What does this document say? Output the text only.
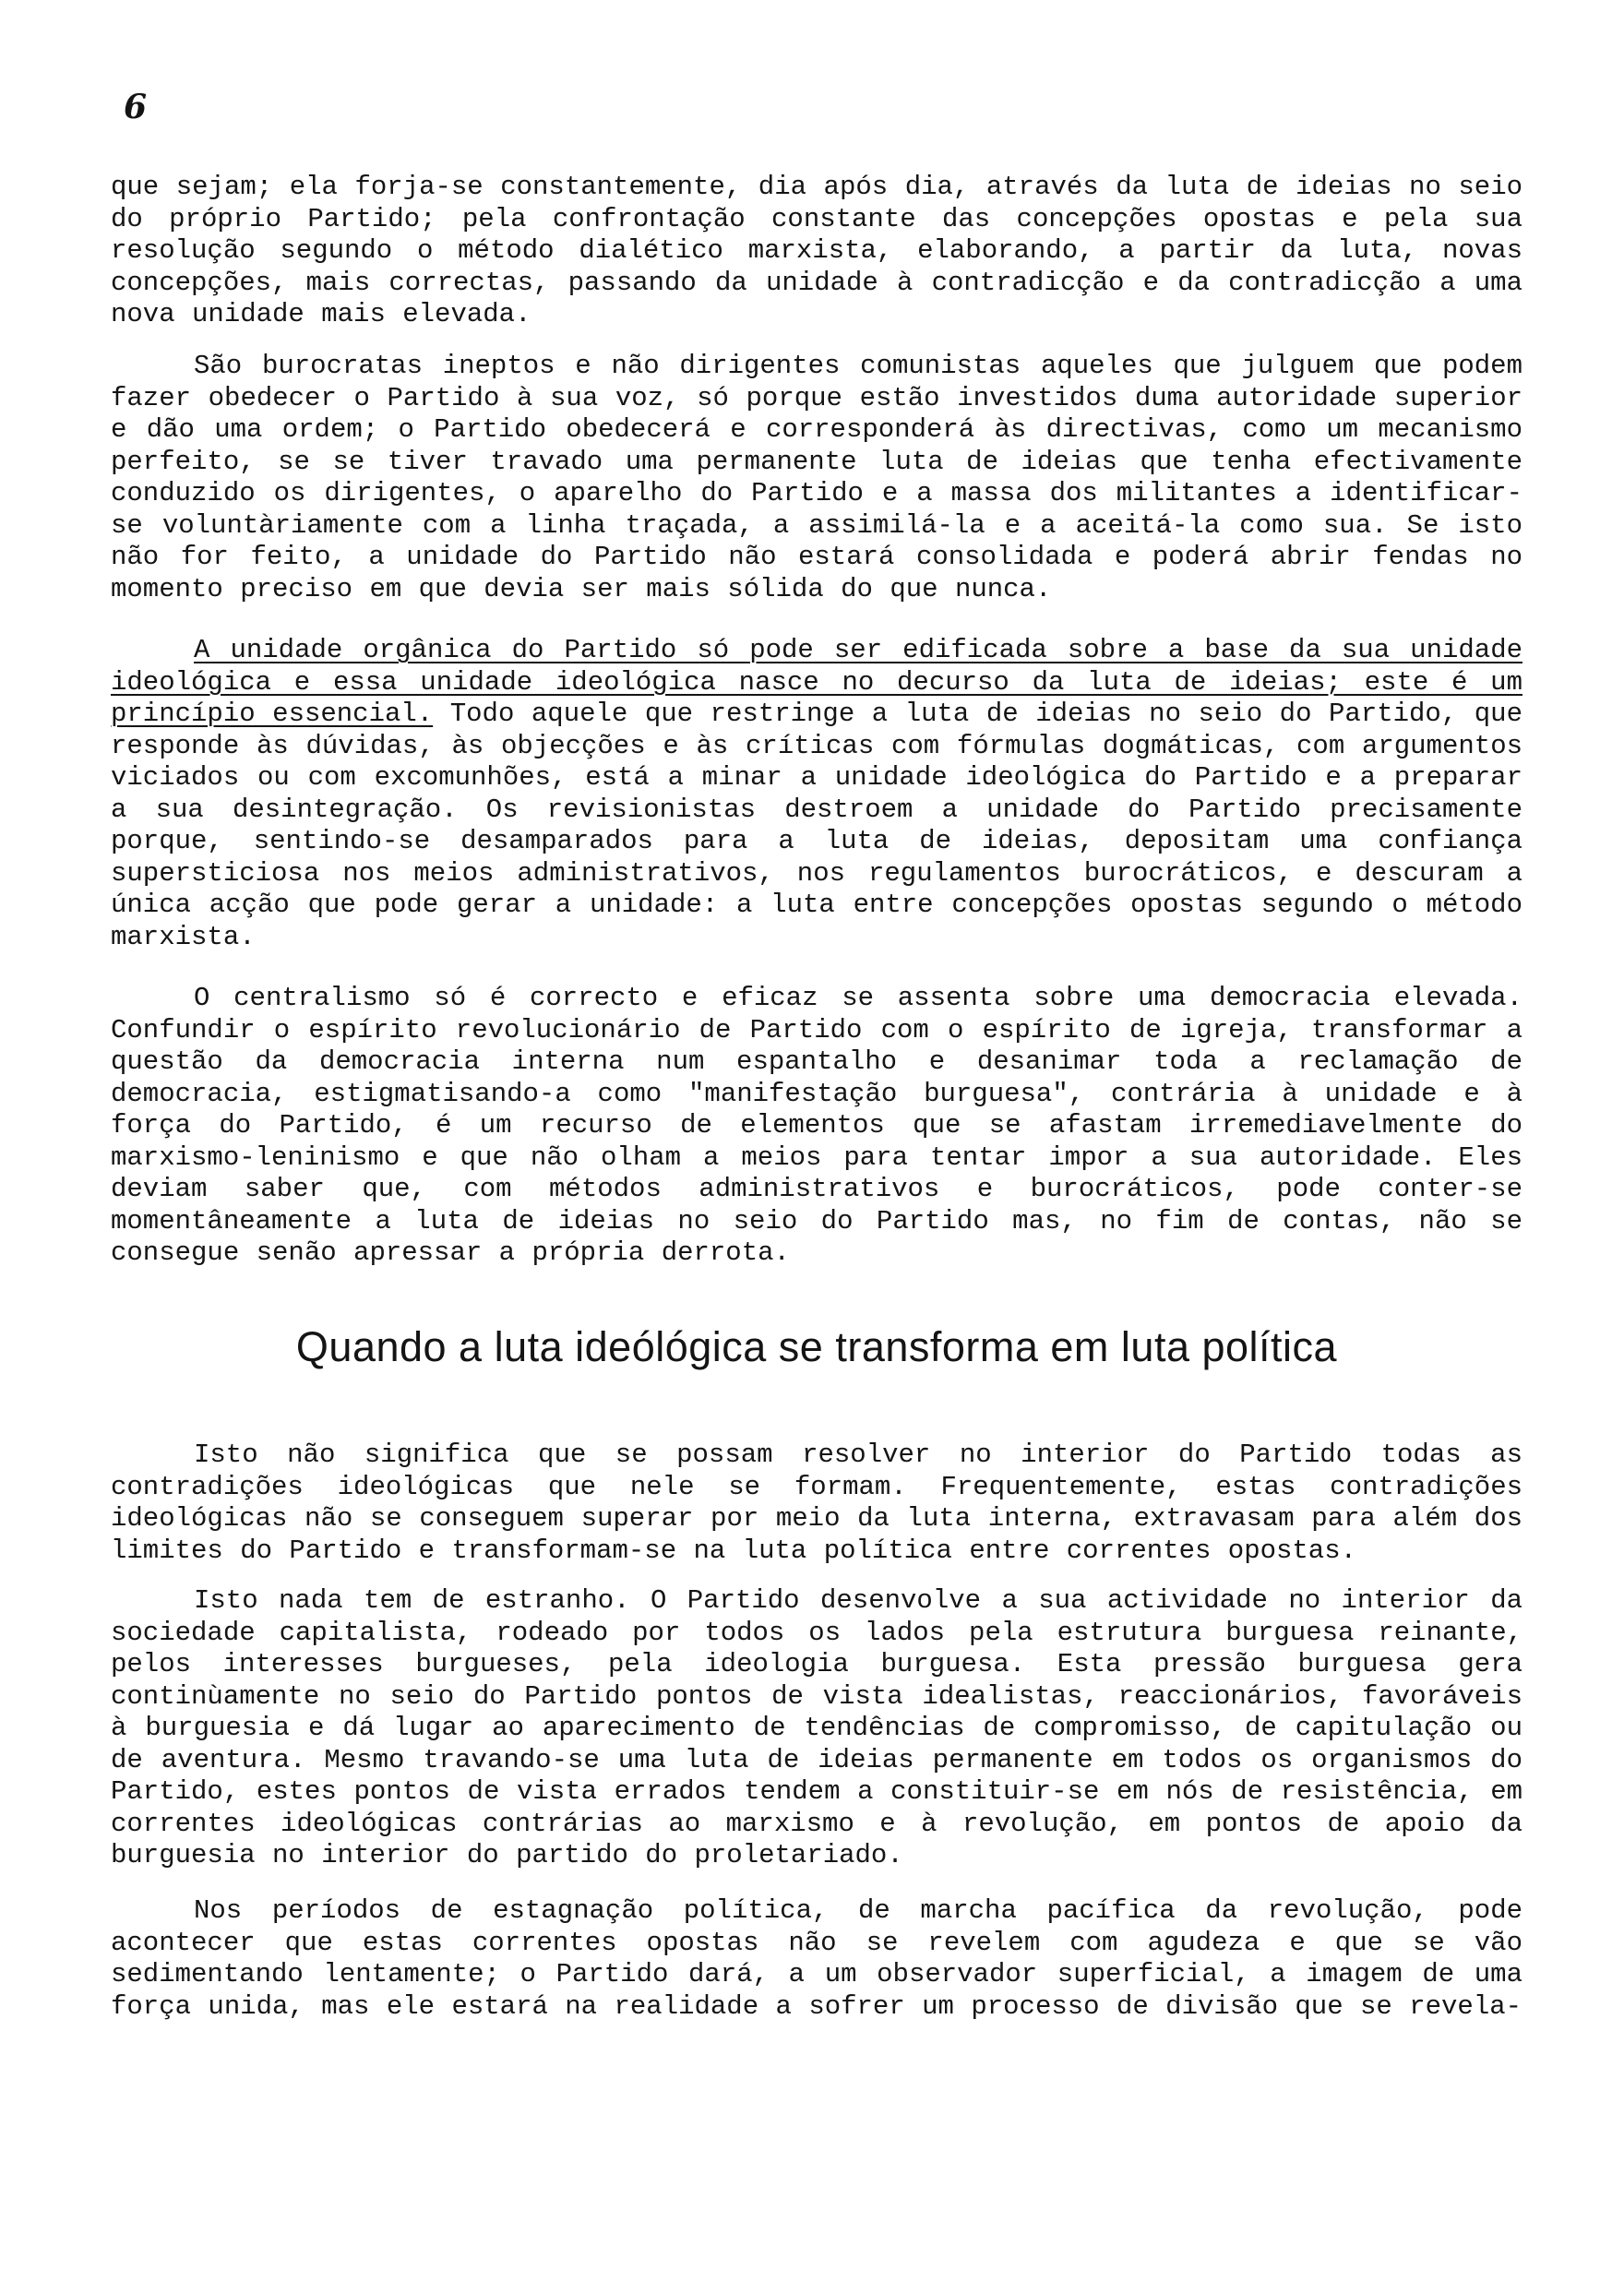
6

que sejam; ela forja-se constantemente, dia após dia, através da luta de ideias no seio do próprio Partido; pela confrontação constante das concepções opostas e pela sua resolução segundo o método dialético marxista, elaborando, a partir da luta, novas concepções, mais correctas, passando da unidade à contradicção e da contradicção a uma nova unidade mais elevada.

São burocratas ineptos e não dirigentes comunistas aqueles que julguem que podem fazer obedecer o Partido à sua voz, só porque estão investidos duma autoridade superior e dão uma ordem; o Partido obedecerá e corresponderá às directivas, como um mecanismo perfeito, se se tiver travado uma permanente luta de ideias que tenha efectivamente conduzido os dirigentes, o aparelho do Partido e a massa dos militantes a identificar-se voluntàriamente com a linha traçada, a assimilá-la e a aceitá-la como sua. Se isto não for feito, a unidade do Partido não estará consolidada e poderá abrir fendas no momento preciso em que devia ser mais sólida do que nunca.

A unidade orgânica do Partido só pode ser edificada sobre a base da sua unidade ideológica e essa unidade ideológica nasce no decurso da luta de ideias; este é um princípio essencial. Todo aquele que restringe a luta de ideias no seio do Partido, que responde às dúvidas, às objecções e às críticas com fórmulas dogmáticas, com argumentos viciados ou com excomunhões, está a minar a unidade ideológica do Partido e a preparar a sua desintegração. Os revisionistas destroem a unidade do Partido precisamente porque, sentindo-se desamparados para a luta de ideias, depositam uma confiança supersticiosa nos meios administrativos, nos regulamentos burocráticos, e descuram a única acção que pode gerar a unidade: a luta entre concepções opostas segundo o método marxista.

O centralismo só é correcto e eficaz se assenta sobre uma democracia elevada. Confundir o espírito revolucionário de Partido com o espírito de igreja, transformar a questão da democracia interna num espantalho e desanimar toda a reclamação de democracia, estigmatisando-a como "manifestação burguesa", contrária à unidade e à força do Partido, é um recurso de elementos que se afastam irremediavelmente do marxismo-leninismo e que não olham a meios para tentar impor a sua autoridade. Eles deviam saber que, com métodos administrativos e burocráticos, pode conter-se momentâneamente a luta de ideias no seio do Partido mas, no fim de contas, não se consegue senão apressar a própria derrota.

Quando a luta ideólógica se transforma em luta política

Isto não significa que se possam resolver no interior do Partido todas as contradições ideológicas que nele se formam. Frequentemente, estas contradições ideológicas não se conseguem superar por meio da luta interna, extravasam para além dos limites do Partido e transformam-se na luta política entre correntes opostas.

Isto nada tem de estranho. O Partido desenvolve a sua actividade no interior da sociedade capitalista, rodeado por todos os lados pela estrutura burguesa reinante, pelos interesses burgueses, pela ideologia burguesa. Esta pressão burguesa gera continùamente no seio do Partido pontos de vista idealistas, reaccionários, favoráveis à burguesia e dá lugar ao aparecimento de tendências de compromisso, de capitulação ou de aventura. Mesmo travando-se uma luta de ideias permanente em todos os organismos do Partido, estes pontos de vista errados tendem a constituir-se em nós de resistência, em correntes ideológicas contrárias ao marxismo e à revolução, em pontos de apoio da burguesia no interior do partido do proletariado.

Nos períodos de estagnação política, de marcha pacífica da revolução, pode acontecer que estas correntes opostas não se revelem com agudeza e que se vão sedimentando lentamente; o Partido dará, a um observador superficial, a imagem de uma força unida, mas ele estará na realidade a sofrer um processo de divisão que se revela-
